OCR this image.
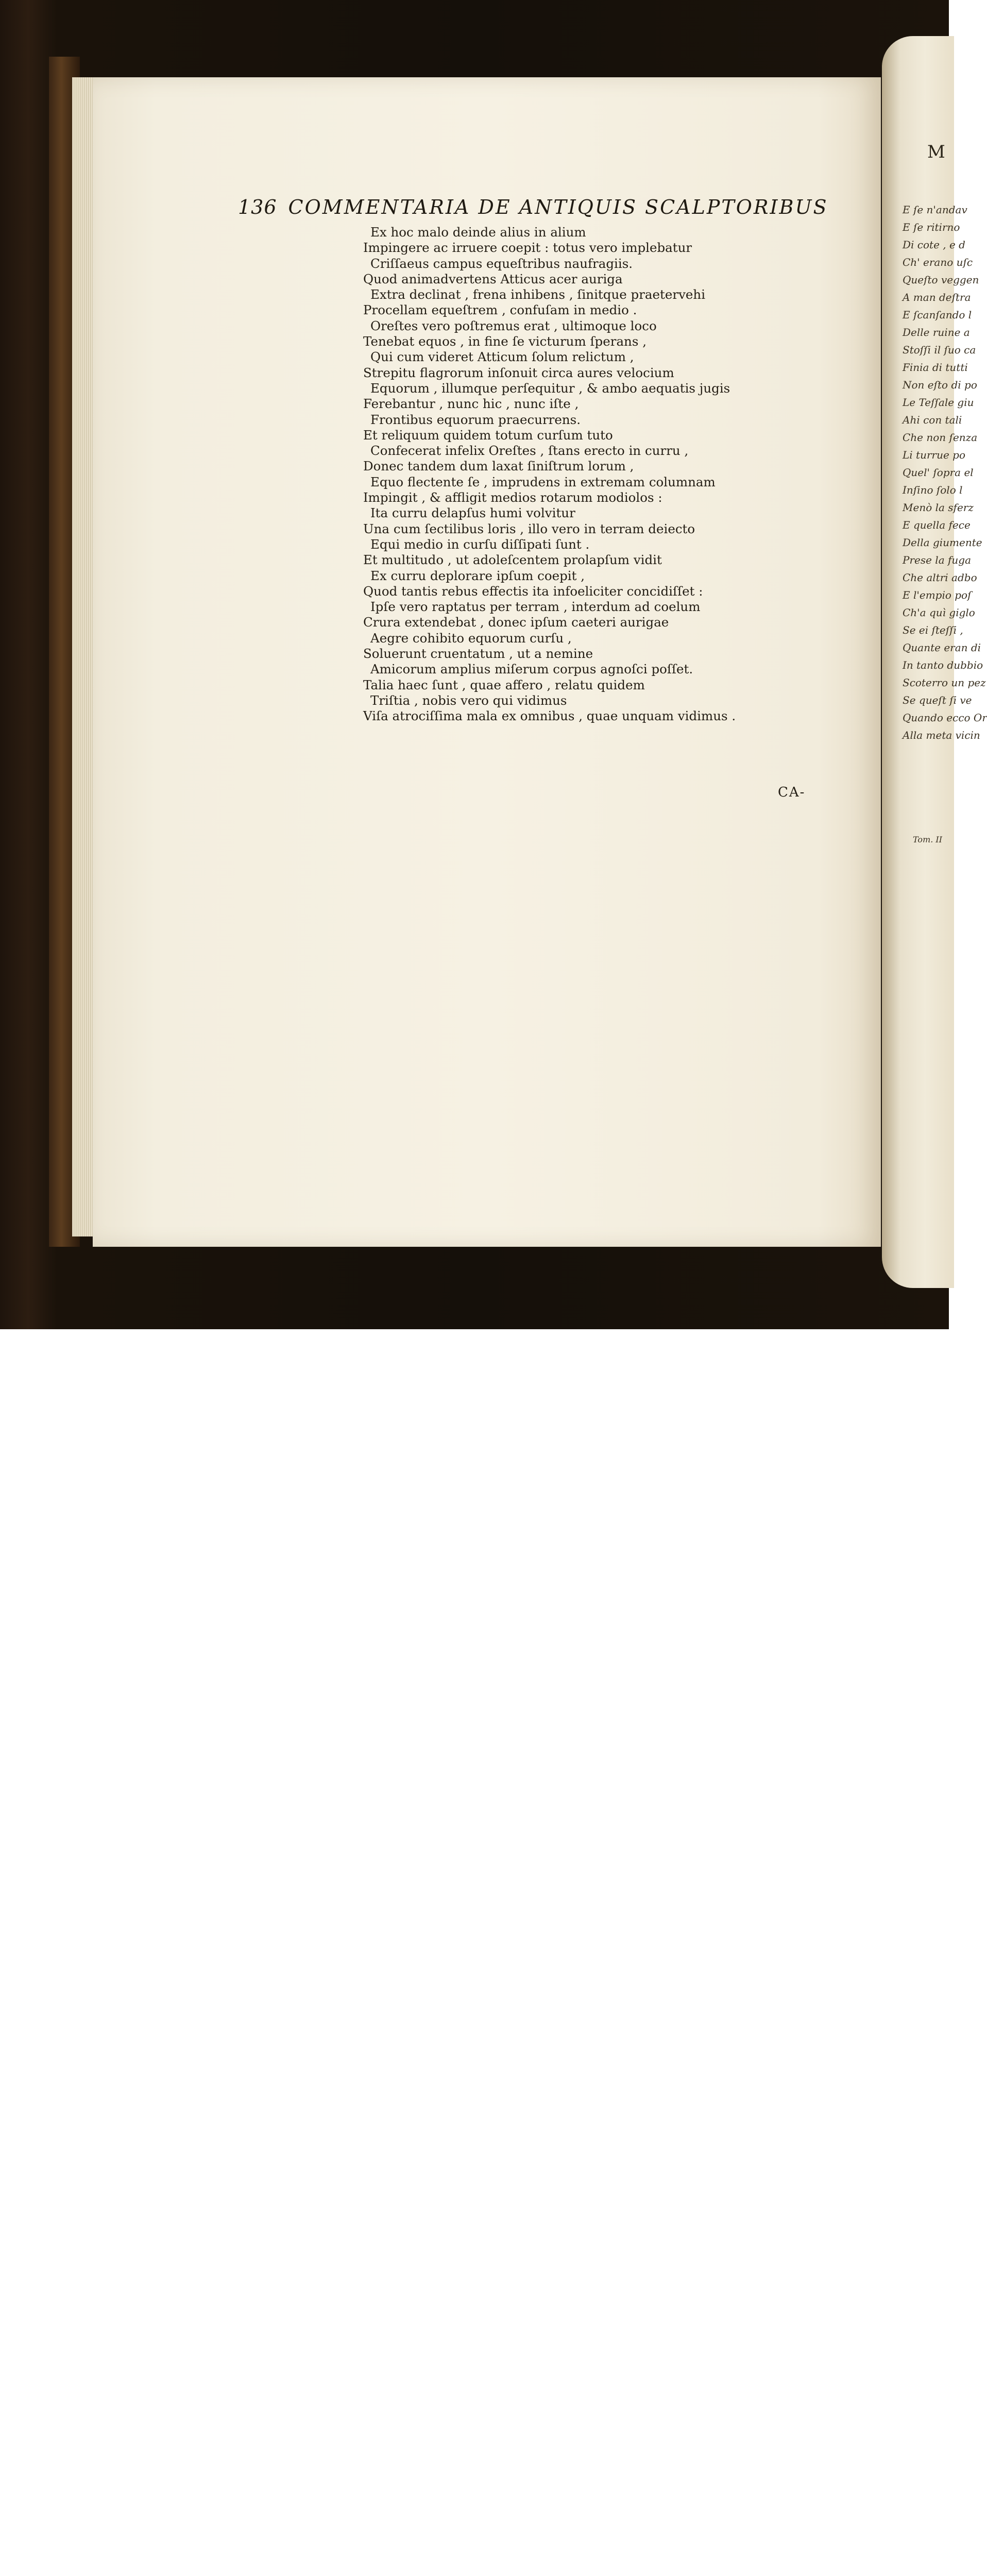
E ſe n'andav
E ſe ritirno
Di cote , e d
Ch' erano uſc
Queſto veggen
A man deſtra
E ſcanſando l
Delle ruine a
Stoſſi il ſuo ca
Finia di tutti
Non eſto di po
Le Teſſale giu
Ahi con tali
Che non ſenza
Li turrue po
Quel' ſopra el
Inſino ſolo l
Menò la sferz
E quella fece
Della giumente
Prese la fuga
Che altri adbo
E l'empio poſ
Ch'a quì giglo
Se ei ſteſſi ,
Quante eran di
In tanto dubbio
Scoterro un pez
Se queſt ſi ve
Quando ecco Or
Alla meta vicin
M
Tom. II
136 COMMENTARIA DE ANTIQUIS SCALPTORIBUS
Ex hoc malo deinde alius in alium
Impingere ac irruere coepit : totus vero implebatur
Criſſaeus campus equeſtribus naufragiis.
Quod animadvertens Atticus acer auriga
Extra declinat , frena inhibens , ſinitque praetervehi
Procellam equeſtrem , confuſam in medio .
Oreſtes vero poſtremus erat , ultimoque loco
Tenebat equos , in fine ſe victurum ſperans ,
Qui cum videret Atticum ſolum relictum ,
Strepitu flagrorum inſonuit circa aures velocium
Equorum , illumque perſequitur , & ambo aequatis jugis
Ferebantur , nunc hic , nunc iſte ,
Frontibus equorum praecurrens.
Et reliquum quidem totum curſum tuto
Confecerat infelix Oreſtes , ſtans erecto in curru ,
Donec tandem dum laxat ſiniſtrum lorum ,
Equo flectente ſe , imprudens in extremam columnam
Impingit , & affligit medios rotarum modiolos :
Ita curru delapſus humi volvitur
Una cum ſectilibus loris , illo vero in terram deiecto
Equi medio in curſu diſſipati ſunt .
Et multitudo , ut adoleſcentem prolapſum vidit
Ex curru deplorare ipſum coepit ,
Quod tantis rebus effectis ita infoeliciter concidiſſet :
Ipſe vero raptatus per terram , interdum ad coelum
Crura extendebat , donec ipſum caeteri aurigae
Aegre cohibito equorum curſu ,
Soluerunt cruentatum , ut a nemine
Amicorum amplius miſerum corpus agnoſci poſſet.
Talia haec ſunt , quae affero , relatu quidem
Triſtia , nobis vero qui vidimus
Viſa atrociſſima mala ex omnibus , quae unquam vidimus .
CA-
